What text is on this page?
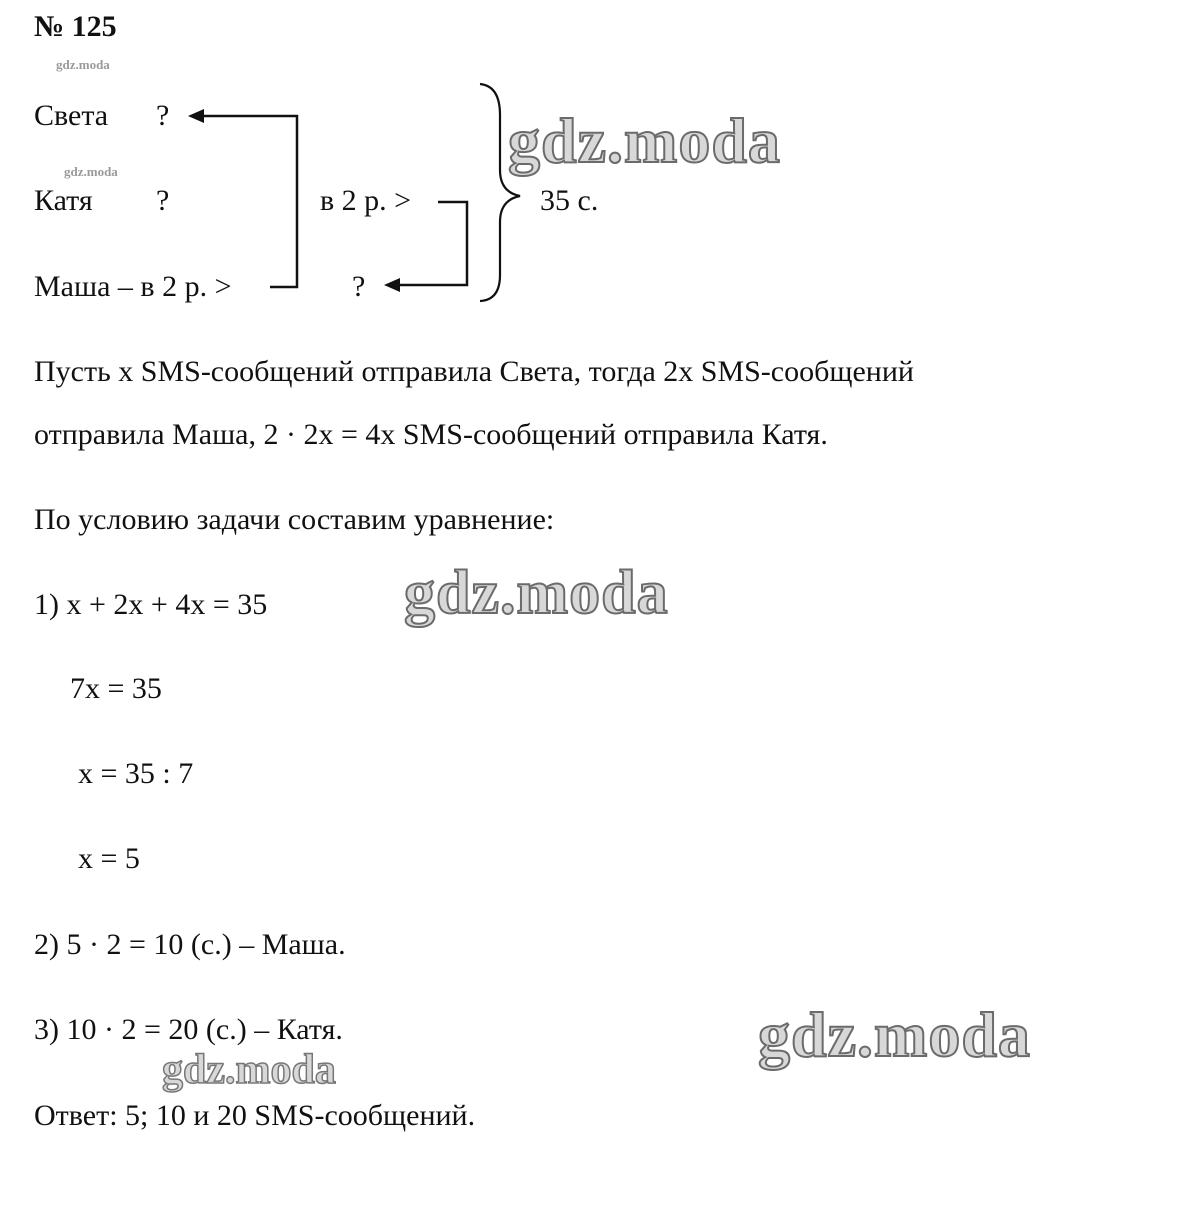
№ 125
gdz.moda
gdz.moda
Света ?
Катя ?
Маша – в 2 р. >	?
в 2 р. >	35 с.
gdz.moda
Пусть x SMS-сообщений отправила Света, тогда 2x SMS-сообщений
отправила Маша, 2 · 2x = 4x SMS-сообщений отправила Катя.
По условию задачи составим уравнение:
1) x + 2x + 4x = 35 gdz.moda
7x = 35
x = 35 : 7
x = 5
2) 5 · 2 = 10 (с.) – Маша.
3) 10 · 2 = 20 (с.) – Катя.	gdz.moda
gdz.moda
Ответ: 5; 10 и 20 SMS-сообщений.
